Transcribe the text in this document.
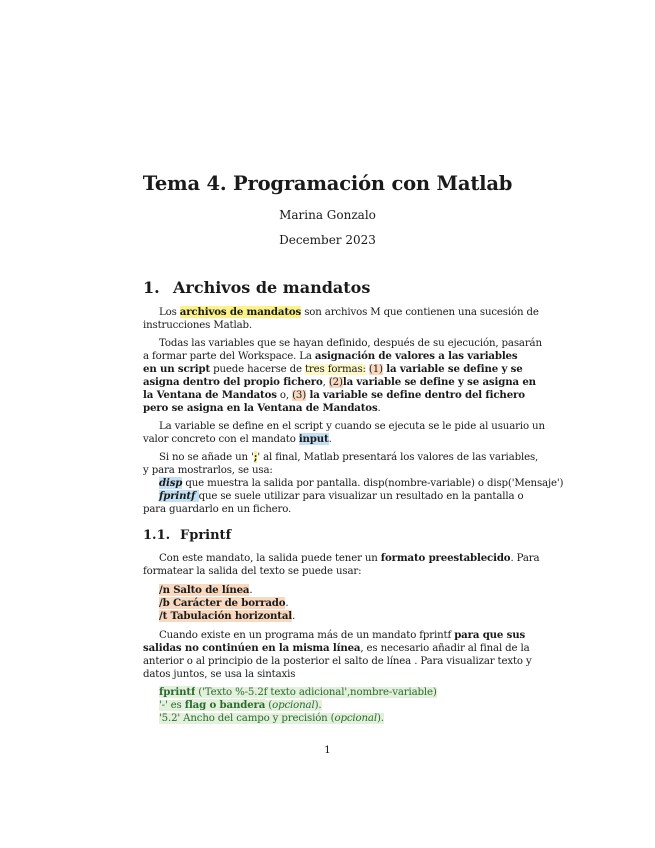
Tema 4. Programación con Matlab
Marina Gonzalo
December 2023
1. Archivos de mandatos

Los archivos de mandatos son archivos M que contienen una sucesión de

instrucciones Matlab.

Todas las variables que se hayan definido, después de su ejecución, pasarán

a formar parte del Workspace. La asignación de valores a las variables

en un script puede hacerse de tres formas: (1) la variable se define y se

asigna dentro del propio fichero, (2)la variable se define y se asigna en

la Ventana de Mandatos o, (3) la variable se define dentro del fichero

pero se asigna en la Ventana de Mandatos.

La variable se define en el script y cuando se ejecuta se le pide al usuario un

valor concreto con el mandato input.

Si no se añade un ';' al final, Matlab presentará los valores de las variables,

y para mostrarlos, se usa:

disp que muestra la salida por pantalla. disp(nombre-variable) o disp('Mensaje')

fprintf que se suele utilizar para visualizar un resultado en la pantalla o

para guardarlo en un fichero.

1.1. Fprintf

Con este mandato, la salida puede tener un formato preestablecido. Para

formatear la salida del texto se puede usar:

/n Salto de línea.

/b Carácter de borrado.

/t Tabulación horizontal.

Cuando existe en un programa más de un mandato fprintf para que sus

salidas no continúen en la misma línea, es necesario añadir al final de la

anterior o al principio de la posterior el salto de línea . Para visualizar texto y

datos juntos, se usa la sintaxis

fprintf ('Texto %-5.2f texto adicional',nombre-variable)

'-' es flag o bandera (opcional).

'5.2' Ancho del campo y precisión (opcional).

1
